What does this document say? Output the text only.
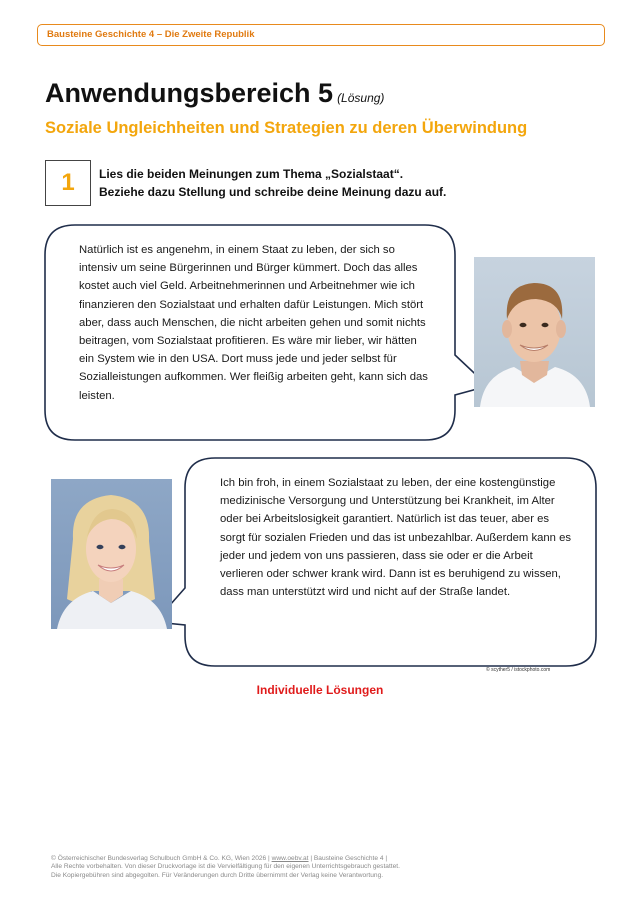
Bausteine Geschichte 4 – Die Zweite Republik
Anwendungsbereich 5 (Lösung)
Soziale Ungleichheiten und Strategien zu deren Überwindung
1 Lies die beiden Meinungen zum Thema „Sozialstaat“.
Beziehe dazu Stellung und schreibe deine Meinung dazu auf.
Natürlich ist es angenehm, in einem Staat zu leben, der sich so intensiv um seine Bürgerinnen und Bürger kümmert. Doch das alles kostet auch viel Geld. Arbeitnehmerinnen und Arbeitnehmer wie ich finanzieren den Sozialstaat und erhalten dafür Leistungen. Mich stört aber, dass auch Menschen, die nicht arbeiten gehen und somit nichts beitragen, vom Sozialstaat profitieren. Es wäre mir lieber, wir hätten ein System wie in den USA. Dort muss jede und jeder selbst für Sozialleistungen aufkommen. Wer fleißig arbeiten geht, kann sich das leisten.
Ich bin froh, in einem Sozialstaat zu leben, der eine kostengünstige medizinische Versorgung und Unterstützung bei Krankheit, im Alter oder bei Arbeitslosigkeit garantiert. Natürlich ist das teuer, aber es sorgt für sozialen Frieden und das ist unbezahlbar. Außerdem kann es jeder und jedem von uns passieren, dass sie oder er die Arbeit verlieren oder schwer krank wird. Dann ist es beruhigend zu wissen, dass man unterstützt wird und nicht auf der Straße landet.
© scyther5 / istockphoto.com
Individuelle Lösungen
© Österreichischer Bundesverlag Schulbuch GmbH & Co. KG, Wien 2026 | www.oebv.at | Bausteine Geschichte 4 |
Alle Rechte vorbehalten. Von dieser Druckvorlage ist die Vervielfältigung für den eigenen Unterrichtsgebrauch gestattet.
Die Kopiergebühren sind abgegolten. Für Veränderungen durch Dritte übernimmt der Verlag keine Verantwortung.
